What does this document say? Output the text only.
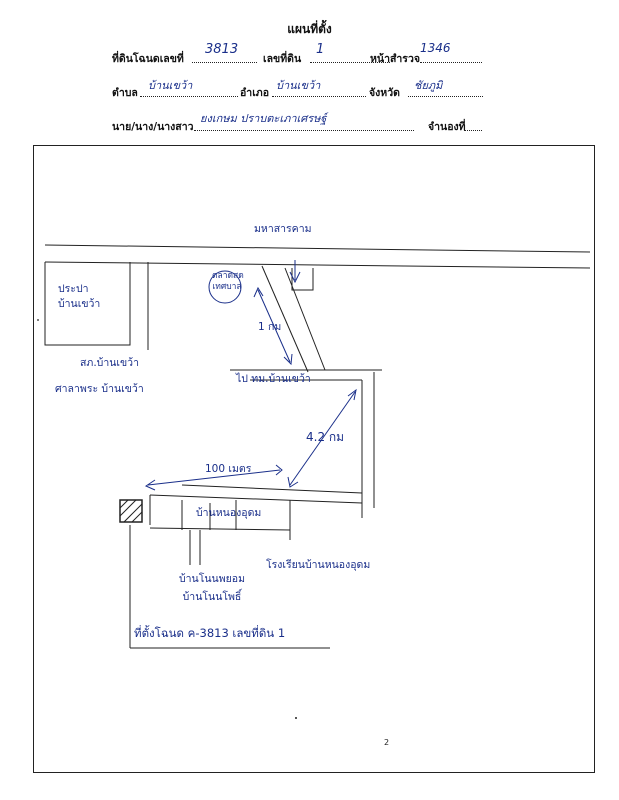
แผนที่ตั้ง
ที่ดินโฉนดเลขที่	เลขที่ดิน	หน้าสำรวจ
3813	1	1346
ตำบล	อำเภอ	จังหวัด
บ้านเขว้า	บ้านเขว้า	ชัยภูมิ
นาย/นาง/นางสาว	จำนองที่
ยงเกษม ปราบตะเภาเศรษฐ์
มหาสารคาม
ประปา บ้านเขว้า
ตลาดสด เทศบาล
1 กม
ไป ทม.บ้านเขว้า
สภ.บ้านเขว้า
ศาลาพระ บ้านเขว้า
4.2 กม
100 เมตร
บ้านหนองอุดม
โรงเรียนบ้านหนองอุดม
บ้านโนนพยอม บ้านโนนโพธิ์
ที่ตั้งโฉนด ค-3813 เลขที่ดิน 1
2
